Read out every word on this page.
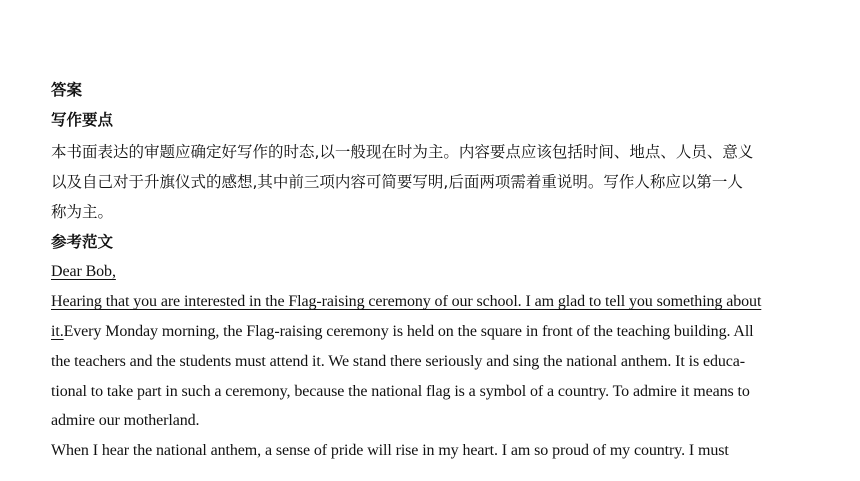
答案
写作要点
本书面表达的审题应确定好写作的时态,以一般现在时为主。内容要点应该包括时间、地点、人员、意义
以及自己对于升旗仪式的感想,其中前三项内容可简要写明,后面两项需着重说明。写作人称应以第一人
称为主。
参考范文
Dear Bob,
Hearing that you are interested in the Flag-raising ceremony of our school. I am glad to tell you something about
it.Every Monday morning, the Flag-raising ceremony is held on the square in front of the teaching building. All
the teachers and the students must attend it. We stand there seriously and sing the national anthem. It is educa-
tional to take part in such a ceremony, because the national flag is a symbol of a country. To admire it means to
admire our motherland.
When I hear the national anthem, a sense of pride will rise in my heart. I am so proud of my country. I must
